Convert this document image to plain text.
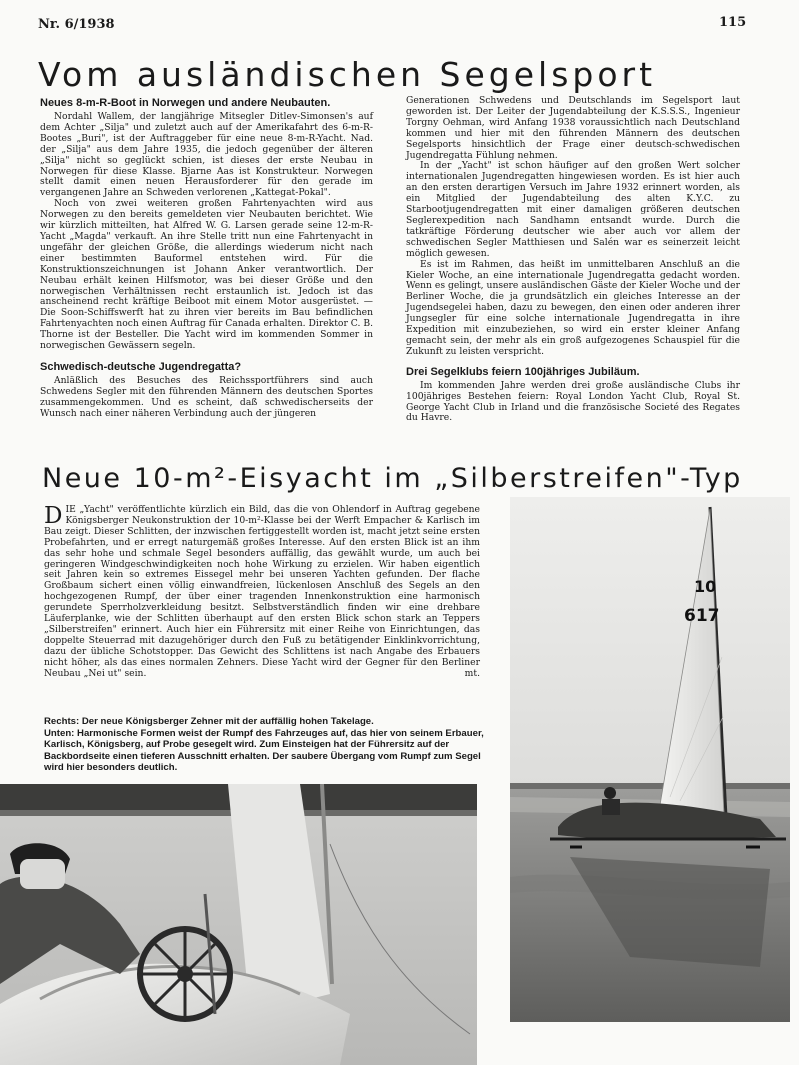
Nr. 6/1938	115
Vom ausländischen Segelsport
Neues 8-m-R-Boot in Norwegen und andere Neubauten.

Nordahl Wallem, der langjährige Mitsegler Ditlev-Simonsen's auf dem Achter „Silja" und zuletzt auch auf der Amerikafahrt des 6-m-R-Bootes „Buri", ist der Auftraggeber für eine neue 8-m-R-Yacht. Nad. der „Silja" aus dem Jahre 1935, die jedoch gegenüber der älteren „Silja" nicht so geglückt schien, ist dieses der erste Neubau in Norwegen für diese Klasse. Bjarne Aas ist Konstrukteur. Norwegen stellt damit einen neuen Herausforderer für den gerade im vergangenen Jahre an Schweden verlorenen „Kattegat-Pokal".

Noch von zwei weiteren großen Fahrtenyachten wird aus Norwegen zu den bereits gemeldeten vier Neubauten berichtet. Wie wir kürzlich mitteilten, hat Alfred W. G. Larsen gerade seine 12-m-R-Yacht „Magda" verkauft. An ihre Stelle tritt nun eine Fahrtenyacht in ungefähr der gleichen Größe, die allerdings wiederum nicht nach einer bestimmten Bauformel entstehen wird. Für die Konstruktionszeichnungen ist Johann Anker verantwortlich. Der Neubau erhält keinen Hilfsmotor, was bei dieser Größe und den norwegischen Verhältnissen recht erstaunlich ist. Jedoch ist das anscheinend recht kräftige Beiboot mit einem Motor ausgerüstet. — Die Soon-Schiffswerft hat zu ihren vier bereits im Bau befindlichen Fahrtenyachten noch einen Auftrag für Canada erhalten. Direktor C. B. Thorne ist der Besteller. Die Yacht wird im kommenden Sommer in norwegischen Gewässern segeln.

Schwedisch-deutsche Jugendregatta?

Anläßlich des Besuches des Reichssportführers sind auch Schwedens Segler mit den führenden Männern des deutschen Sportes zusammengekommen. Und es scheint, daß schwedischerseits der Wunsch nach einer näheren Verbindung auch der jüngeren

Generationen Schwedens und Deutschlands im Segelsport laut geworden ist. Der Leiter der Jugendabteilung der K.S.S.S., Ingenieur Torgny Oehman, wird Anfang 1938 voraussichtlich nach Deutschland kommen und hier mit den führenden Männern des deutschen Segelsports hinsichtlich der Frage einer deutsch-schwedischen Jugendregatta Fühlung nehmen.

In der „Yacht" ist schon häufiger auf den großen Wert solcher internationalen Jugendregatten hingewiesen worden. Es ist hier auch an den ersten derartigen Versuch im Jahre 1932 erinnert worden, als ein Mitglied der Jugendabteilung des alten K.Y.C. zu Starbootjugendregatten mit einer damaligen größeren deutschen Seglerexpedition nach Sandhamn entsandt wurde. Durch die tatkräftige Förderung deutscher wie aber auch vor allem der schwedischen Segler Matthiesen und Salén war es seinerzeit leicht möglich gewesen.

Es ist im Rahmen, das heißt im unmittelbaren Anschluß an die Kieler Woche, an eine internationale Jugendregatta gedacht worden. Wenn es gelingt, unsere ausländischen Gäste der Kieler Woche und der Berliner Woche, die ja grundsätzlich ein gleiches Interesse an der Jugendsegelei haben, dazu zu bewegen, den einen oder anderen ihrer Jungsegler für eine solche internationale Jugendregatta in ihre Expedition mit einzubeziehen, so wird ein erster kleiner Anfang gemacht sein, der mehr als ein groß aufgezogenes Schauspiel für die Zukunft zu leisten verspricht.

Drei Segelklubs feiern 100jähriges Jubiläum.

Im kommenden Jahre werden drei große ausländische Clubs ihr 100jähriges Bestehen feiern: Royal London Yacht Club, Royal St. George Yacht Club in Irland und die französische Societé des Regates du Havre.

Neue 10-m²-Eisyacht im „Silberstreifen"-Typ

DIE „Yacht" veröffentlichte kürzlich ein Bild, das die von Ohlendorf in Auftrag gegebene Königsberger Neukonstruktion der 10-m²-Klasse bei der Werft Empacher & Karlisch im Bau zeigt. Dieser Schlitten, der inzwischen fertiggestellt worden ist, macht jetzt seine ersten Probefahrten, und er erregt naturgemäß großes Interesse. Auf den ersten Blick ist an ihm das sehr hohe und schmale Segel besonders auffällig, das gewählt wurde, um auch bei geringeren Windgeschwindigkeiten noch hohe Wirkung zu erzielen. Wir haben eigentlich seit Jahren kein so extremes Eissegel mehr bei unseren Yachten gefunden. Der flache Großbaum sichert einen völlig einwandfreien, lückenlosen Anschluß des Segels an den hochgezogenen Rumpf, der über einer tragenden Innenkonstruktion eine harmonisch gerundete Sperrholzverkleidung besitzt. Selbstverständlich finden wir eine drehbare Läuferplanke, wie der Schlitten überhaupt auf den ersten Blick schon stark an Teppers „Silberstreifen" erinnert. Auch hier ein Führersitz mit einer Reihe von Einrichtungen, das doppelte Steuerrad mit dazugehöriger durch den Fuß zu betätigender Einklinkvorrichtung, dazu der übliche Schotstopper. Das Gewicht des Schlittens ist nach Angabe des Erbauers nicht höher, als das eines normalen Zehners. Diese Yacht wird der Gegner für den Berliner Neubau „Nei ut" sein.	mt.

Rechts: Der neue Königsberger Zehner mit der auffällig hohen Takelage.
Unten: Harmonische Formen weist der Rumpf des Fahrzeuges auf, das hier von seinem Erbauer, Karlisch, Königsberg, auf Probe gesegelt wird. Zum Einsteigen hat der Führersitz auf der Backbordseite einen tieferen Ausschnitt erhalten. Der saubere Übergang vom Rumpf zum Segel wird hier besonders deutlich.
10
617
